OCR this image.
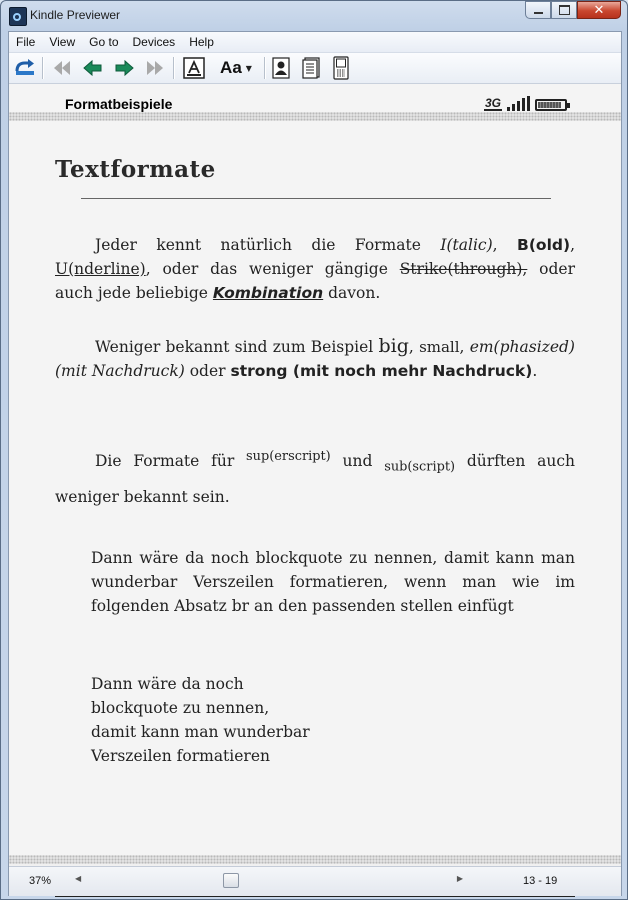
Kindle Previewer	✕
File	View	Go to	Devices	Help
Aa ▼
Formatbeispiele	3G
Textformate
Jeder kennt natürlich die Formate I(talic), B(old), U(nderline), oder das weniger gängige Strike(through), oder auch jede beliebige Kombination davon.
Weniger bekannt sind zum Beispiel big, small, em(phasized) (mit Nachdruck) oder strong (mit noch mehr Nachdruck).
Die Formate für $^{sup(erscript)}$ und $_{sub(script)}$ dürften auch weniger bekannt sein.
Dann wäre da noch blockquote zu nennen, damit kann man wunderbar Verszeilen formatieren, wenn man wie im folgenden Absatz br an den passenden stellen einfügt
Dann wäre da noch
blockquote zu nennen,
damit kann man wunderbar
Verszeilen formatieren
37%	◀	▶	13 - 19
